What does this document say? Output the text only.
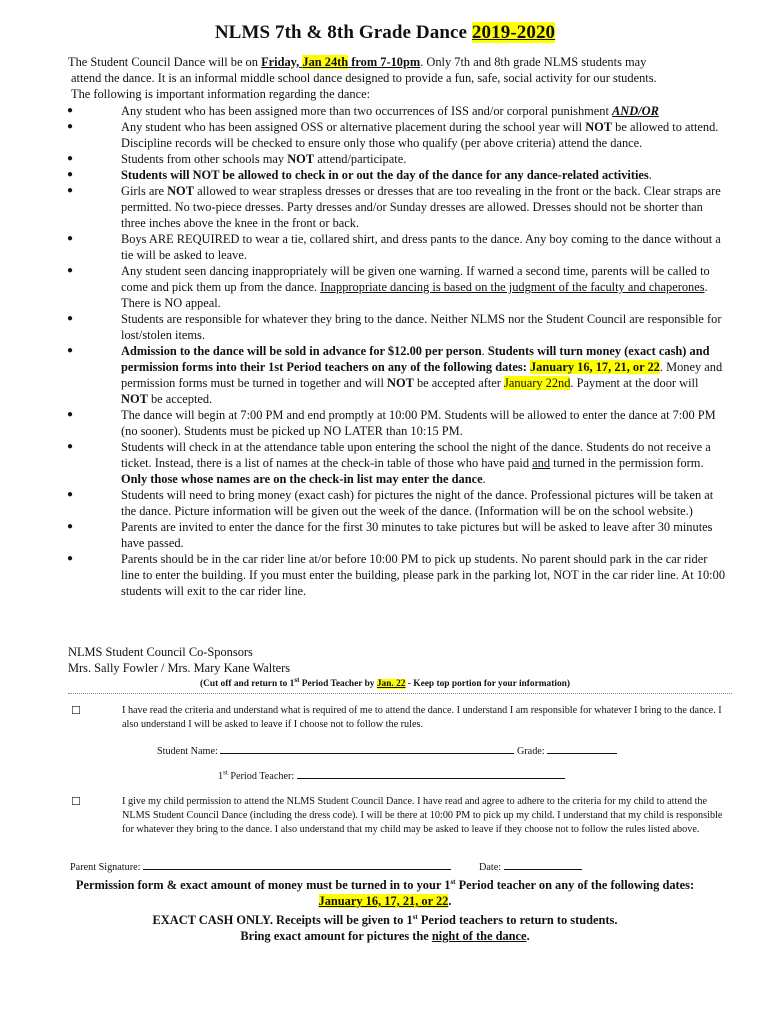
NLMS 7th & 8th Grade Dance 2019-2020

The Student Council Dance will be on Friday, Jan 24th from 7-10pm. Only 7th and 8th grade NLMS students may

attend the dance. It is an informal middle school dance designed to provide a fun, safe, social activity for our students.

The following is important information regarding the dance:

●	Any student who has been assigned more than two occurrences of ISS and/or corporal punishment AND/OR
●	Any student who has been assigned OSS or alternative placement during the school year will NOT be allowed to attend. Discipline records will be checked to ensure only those who qualify (per above criteria) attend the dance.
●	Students from other schools may NOT attend/participate.
●	Students will NOT be allowed to check in or out the day of the dance for any dance-related activities.
●	Girls are NOT allowed to wear strapless dresses or dresses that are too revealing in the front or the back. Clear straps are permitted. No two-piece dresses. Party dresses and/or Sunday dresses are allowed. Dresses should not be shorter than three inches above the knee in the front or back.
●	Boys ARE REQUIRED to wear a tie, collared shirt, and dress pants to the dance. Any boy coming to the dance without a tie will be asked to leave.
●	Any student seen dancing inappropriately will be given one warning. If warned a second time, parents will be called to come and pick them up from the dance. Inappropriate dancing is based on the judgment of the faculty and chaperones. There is NO appeal.
●	Students are responsible for whatever they bring to the dance. Neither NLMS nor the Student Council are responsible for lost/stolen items.
●	Admission to the dance will be sold in advance for $12.00 per person. Students will turn money (exact cash) and permission forms into their 1st Period teachers on any of the following dates: January 16, 17, 21, or 22. Money and permission forms must be turned in together and will NOT be accepted after January 22nd. Payment at the door will NOT be accepted.
●	The dance will begin at 7:00 PM and end promptly at 10:00 PM. Students will be allowed to enter the dance at 7:00 PM (no sooner). Students must be picked up NO LATER than 10:15 PM.
●	Students will check in at the attendance table upon entering the school the night of the dance. Students do not receive a ticket. Instead, there is a list of names at the check-in table of those who have paid and turned in the permission form. Only those whose names are on the check-in list may enter the dance.
●	Students will need to bring money (exact cash) for pictures the night of the dance. Professional pictures will be taken at the dance. Picture information will be given out the week of the dance. (Information will be on the school website.)
●	Parents are invited to enter the dance for the first 30 minutes to take pictures but will be asked to leave after 30 minutes have passed.
●	Parents should be in the car rider line at/or before 10:00 PM to pick up students. No parent should park in the car rider line to enter the building. If you must enter the building, please park in the parking lot, NOT in the car rider line. At 10:00 students will exit to the car rider line.

NLMS Student Council Co-Sponsors

Mrs. Sally Fowler / Mrs. Mary Kane Walters

(Cut off and return to 1st Period Teacher by Jan. 22 - Keep top portion for your information)
☐	I have read the criteria and understand what is required of me to attend the dance. I understand I am responsible for whatever I bring to the dance. I also understand I will be asked to leave if I choose not to follow the rules.
Student Name:	Grade:
1st Period Teacher:
☐	I give my child permission to attend the NLMS Student Council Dance. I have read and agree to adhere to the criteria for my child to attend the NLMS Student Council Dance (including the dress code). I will be there at 10:00 PM to pick up my child. I understand that my child is responsible for whatever they bring to the dance. I also understand that my child may be asked to leave if they choose not to follow the rules listed above.
Parent Signature:	Date:

Permission form & exact amount of money must be turned in to your 1st Period teacher on any of the following dates:

January 16, 17, 21, or 22.

EXACT CASH ONLY. Receipts will be given to 1st Period teachers to return to students.

Bring exact amount for pictures the night of the dance.
